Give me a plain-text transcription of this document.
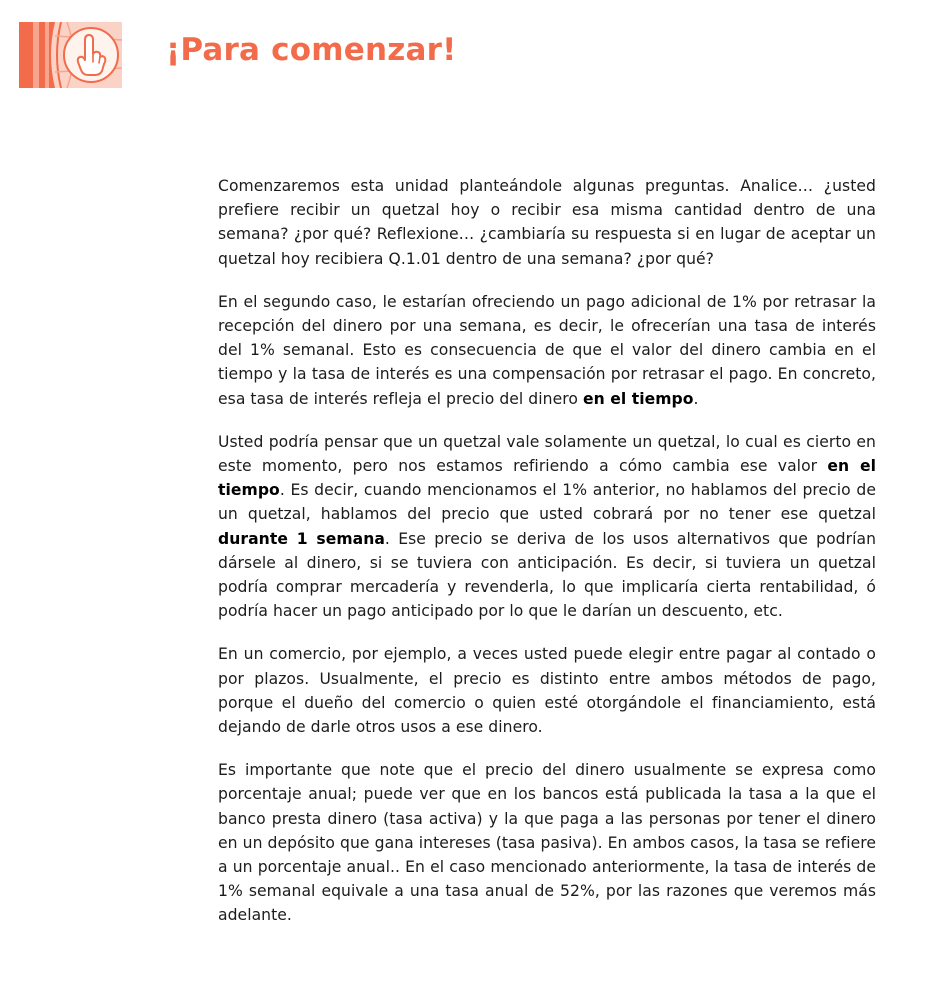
¡Para comenzar!

Comenzaremos esta unidad planteándole algunas preguntas. Analice… ¿usted prefiere recibir un quetzal hoy o recibir esa misma cantidad dentro de una semana? ¿por qué? Reflexione… ¿cambiaría su respuesta si en lugar de aceptar un quetzal hoy recibiera Q.1.01 dentro de una semana? ¿por qué?

En el segundo caso, le estarían ofreciendo un pago adicional de 1% por retrasar la recepción del dinero por una semana, es decir, le ofrecerían una tasa de interés del 1% semanal. Esto es consecuencia de que el valor del dinero cambia en el tiempo y la tasa de interés es una compensación por retrasar el pago. En concreto, esa tasa de interés refleja el precio del dinero en el tiempo.

Usted podría pensar que un quetzal vale solamente un quetzal, lo cual es cierto en este momento, pero nos estamos refiriendo a cómo cambia ese valor en el tiempo. Es decir, cuando mencionamos el 1% anterior, no hablamos del precio de un quetzal, hablamos del precio que usted cobrará por no tener ese quetzal durante 1 semana. Ese precio se deriva de los usos alternativos que podrían dársele al dinero, si se tuviera con anticipación. Es decir, si tuviera un quetzal podría comprar mercadería y revenderla, lo que implicaría cierta rentabilidad, ó podría hacer un pago anticipado por lo que le darían un descuento, etc.

En un comercio, por ejemplo, a veces usted puede elegir entre pagar al contado o por plazos. Usualmente, el precio es distinto entre ambos métodos de pago, porque el dueño del comercio o quien esté otorgándole el financiamiento, está dejando de darle otros usos a ese dinero.

Es importante que note que el precio del dinero usualmente se expresa como porcentaje anual; puede ver que en los bancos está publicada la tasa a la que el banco presta dinero (tasa activa) y la que paga a las personas por tener el dinero en un depósito que gana intereses (tasa pasiva). En ambos casos, la tasa se refiere a un porcentaje anual.. En el caso mencionado anteriormente, la tasa de interés de 1% semanal equivale a una tasa anual de 52%, por las razones que veremos más adelante.
